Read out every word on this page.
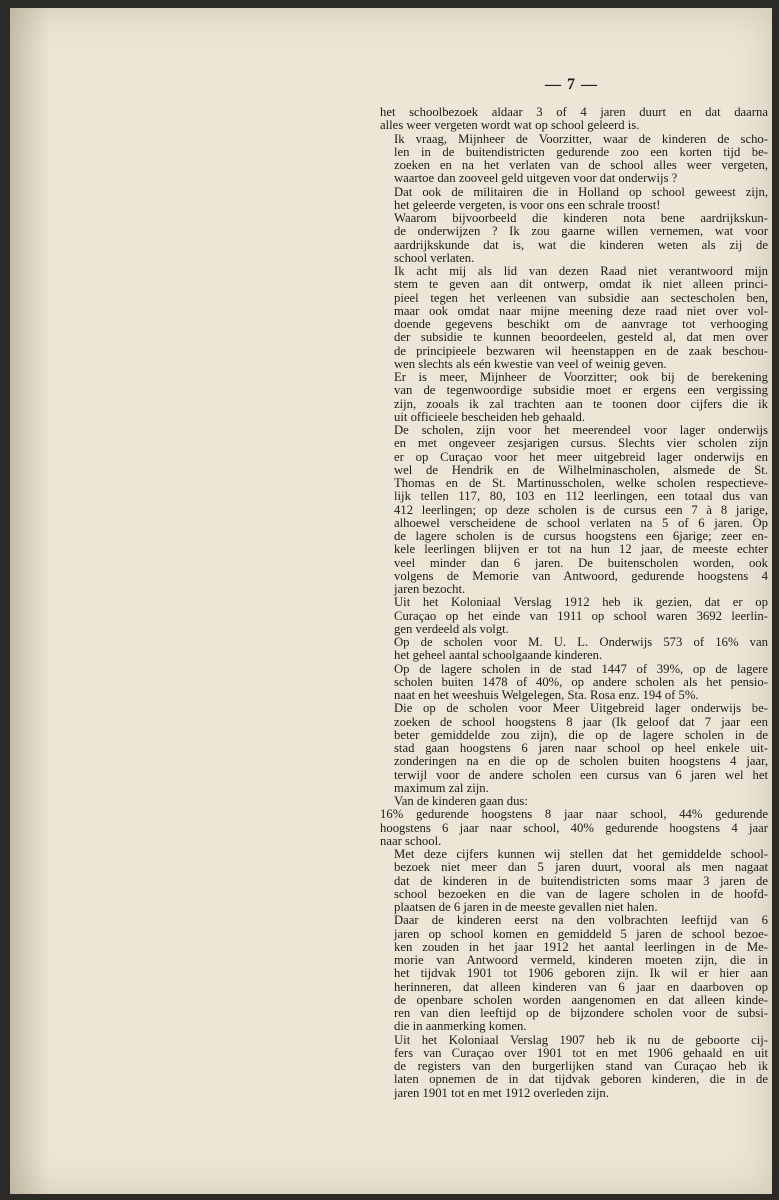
— 7 —

het schoolbezoek aldaar 3 of 4 jaren duurt en dat daarna
alles weer vergeten wordt wat op school geleerd is.

Ik vraag, Mijnheer de Voorzitter, waar de kinderen de scho-
len in de buitendistricten gedurende zoo een korten tijd be-
zoeken en na het verlaten van de school alles weer vergeten,
waartoe dan zooveel geld uitgeven voor dat onderwijs ?

Dat ook de militairen die in Holland op school geweest zijn,
het geleerde vergeten, is voor ons een schrale troost!

Waarom bijvoorbeeld die kinderen nota bene aardrijkskun-
de onderwijzen ? Ik zou gaarne willen vernemen, wat voor
aardrijkskunde dat is, wat die kinderen weten als zij de
school verlaten.

Ik acht mij als lid van dezen Raad niet verantwoord mijn
stem te geven aan dit ontwerp, omdat ik niet alleen princi-
pieel tegen het verleenen van subsidie aan sectescholen ben,
maar ook omdat naar mijne meening deze raad niet over vol-
doende gegevens beschikt om de aanvrage tot verhooging
der subsidie te kunnen beoordeelen, gesteld al, dat men over
de principieele bezwaren wil heenstappen en de zaak beschou-
wen slechts als eén kwestie van veel of weinig geven.

Er is meer, Mijnheer de Voorzitter; ook bij de berekening
van de tegenwoordige subsidie moet er ergens een vergissing
zijn, zooals ik zal trachten aan te toonen door cijfers die ik
uit officieele bescheiden heb gehaald.

De scholen, zijn voor het meerendeel voor lager onderwijs
en met ongeveer zesjarigen cursus. Slechts vier scholen zijn
er op Curaçao voor het meer uitgebreid lager onderwijs en
wel de Hendrik en de Wilhelminascholen, alsmede de St.
Thomas en de St. Martinusscholen, welke scholen respectieve-
lijk tellen 117, 80, 103 en 112 leerlingen, een totaal dus van
412 leerlingen; op deze scholen is de cursus een 7 à 8 jarige,
alhoewel verscheidene de school verlaten na 5 of 6 jaren. Op
de lagere scholen is de cursus hoogstens een 6jarige; zeer en-
kele leerlingen blijven er tot na hun 12 jaar, de meeste echter
veel minder dan 6 jaren. De buitenscholen worden, ook
volgens de Memorie van Antwoord, gedurende hoogstens 4
jaren bezocht.

Uit het Koloniaal Verslag 1912 heb ik gezien, dat er op
Curaçao op het einde van 1911 op school waren 3692 leerlin-
gen verdeeld als volgt.

Op de scholen voor M. U. L. Onderwijs 573 of 16% van
het geheel aantal schoolgaande kinderen.

Op de lagere scholen in de stad 1447 of 39%, op de lagere
scholen buiten 1478 of 40%, op andere scholen als het pensio-
naat en het weeshuis Welgelegen, Sta. Rosa enz. 194 of 5%.

Die op de scholen voor Meer Uitgebreid lager onderwijs be-
zoeken de school hoogstens 8 jaar (Ik geloof dat 7 jaar een
beter gemiddelde zou zijn), die op de lagere scholen in de
stad gaan hoogstens 6 jaren naar school op heel enkele uit-
zonderingen na en die op de scholen buiten hoogstens 4 jaar,
terwijl voor de andere scholen een cursus van 6 jaren wel het
maximum zal zijn.

Van de kinderen gaan dus:

16% gedurende hoogstens 8 jaar naar school, 44% gedurende
hoogstens 6 jaar naar school, 40% gedurende hoogstens 4 jaar
naar school.

Met deze cijfers kunnen wij stellen dat het gemiddelde school-
bezoek niet meer dan 5 jaren duurt, vooral als men nagaat
dat de kinderen in de buitendistricten soms maar 3 jaren de
school bezoeken en die van de lagere scholen in de hoofd-
plaatsen de 6 jaren in de meeste gevallen niet halen.

Daar de kinderen eerst na den volbrachten leeftijd van 6
jaren op school komen en gemiddeld 5 jaren de school bezoe-
ken zouden in het jaar 1912 het aantal leerlingen in de Me-
morie van Antwoord vermeld, kinderen moeten zijn, die in
het tijdvak 1901 tot 1906 geboren zijn. Ik wil er hier aan
herinneren, dat alleen kinderen van 6 jaar en daarboven op
de openbare scholen worden aangenomen en dat alleen kinde-
ren van dien leeftijd op de bijzondere scholen voor de subsi-
die in aanmerking komen.

Uit het Koloniaal Verslag 1907 heb ik nu de geboorte cij-
fers van Curaçao over 1901 tot en met 1906 gehaald en uit
de registers van den burgerlijken stand van Curaçao heb ik
laten opnemen de in dat tijdvak geboren kinderen, die in de
jaren 1901 tot en met 1912 overleden zijn.
